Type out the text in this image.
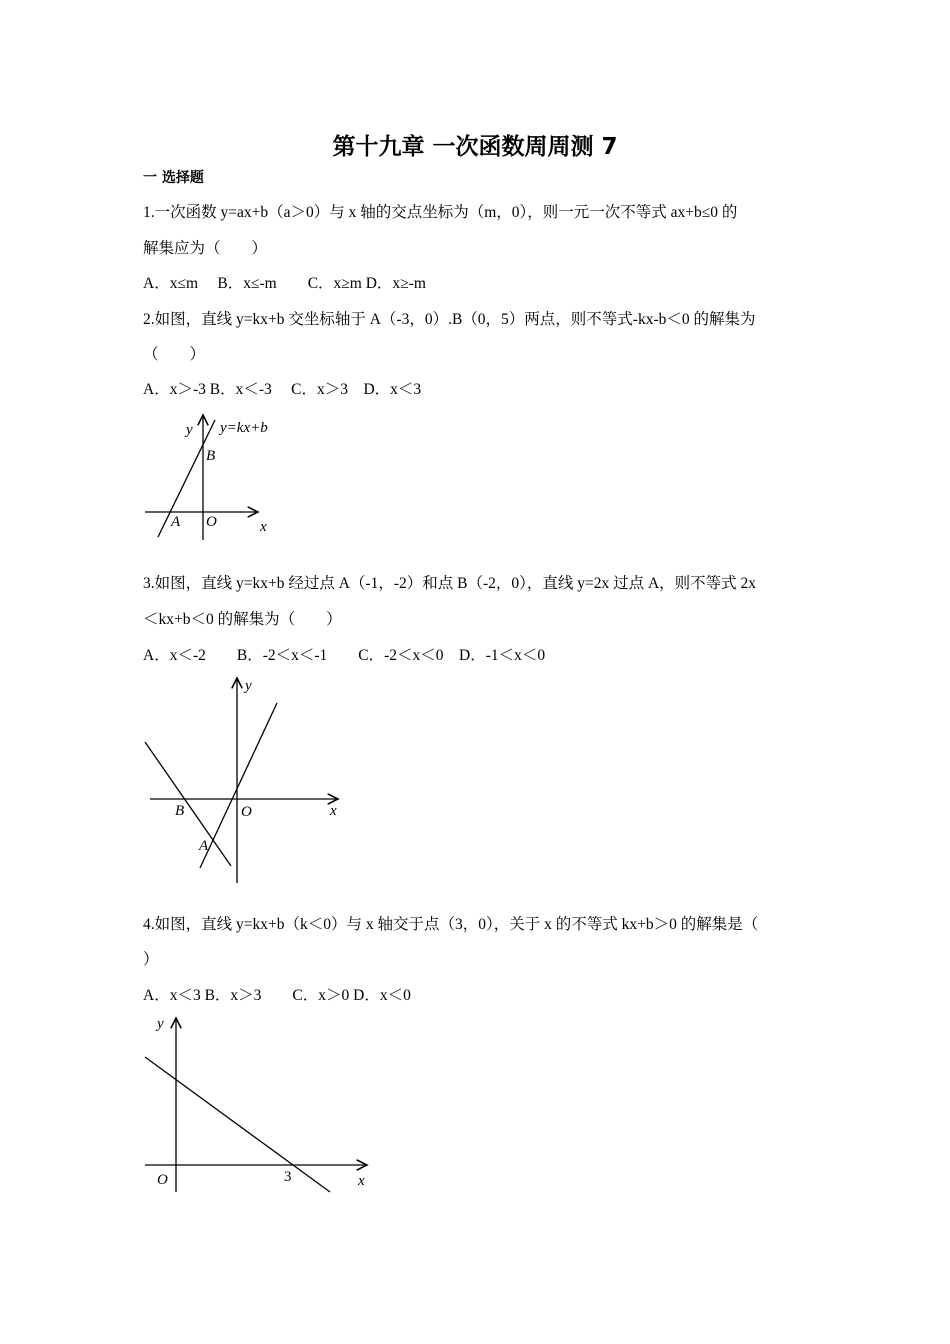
第十九章 一次函数周周测 7
一 选择题
1.一次函数 y=ax+b（a＞0）与 x 轴的交点坐标为（m，0），则一元一次不等式 ax+b≤0 的
解集应为（　　）
A．x≤m　 B．x≤-m　　C．x≥m D．x≥-m
2.如图，直线 y=kx+b 交坐标轴于 A（-3，0）.B（0，5）两点，则不等式-kx-b＜0 的解集为
（　　）
A．x＞-3 B．x＜-3　 C．x＞3　D．x＜3
3.如图，直线 y=kx+b 经过点 A（-1，-2）和点 B（-2，0），直线 y=2x 过点 A，则不等式 2x
＜kx+b＜0 的解集为（　　）
A．x＜-2　　B．-2＜x＜-1　　C．-2＜x＜0　D．-1＜x＜0
4.如图，直线 y=kx+b（k＜0）与 x 轴交于点（3，0），关于 x 的不等式 kx+b＞0 的解集是（
）
A．x＜3 B．x＞3　　C．x＞0 D．x＜0
y y=kx+b
B
A O	x
y
B	O	x
A
y
O	3	x
